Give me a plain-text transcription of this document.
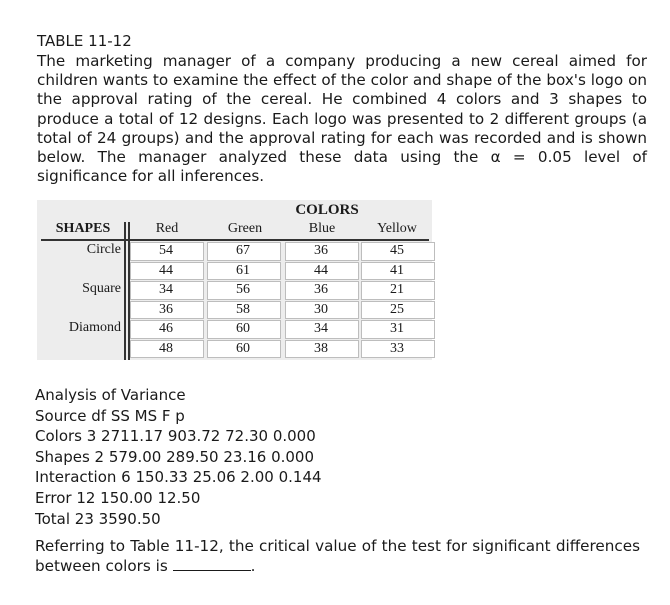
TABLE 11-12
The marketing manager of a company producing a new cereal aimed for children wants to examine the effect of the color and shape of the box's logo on the approval rating of the cereal. He combined 4 colors and 3 shapes to produce a total of 12 designs. Each logo was presented to 2 different groups (a total of 24 groups) and the approval rating for each was recorded and is shown below. The manager analyzed these data using the α = 0.05 level of significance for all inferences.
COLORS
SHAPES	Red	Green	Blue	Yellow
Circle	54	67	36	45
44	61	44	41
Square	34	56	36	21
36	58	30	25
Diamond	46	60	34	31
48	60	38	33
Analysis of Variance
Source df SS MS F p
Colors 3 2711.17 903.72 72.30 0.000
Shapes 2 579.00 289.50 23.16 0.000
Interaction 6 150.33 25.06 2.00 0.144
Error 12 150.00 12.50
Total 23 3590.50
Referring to Table 11-12, the critical value of the test for significant differences between colors is	.
